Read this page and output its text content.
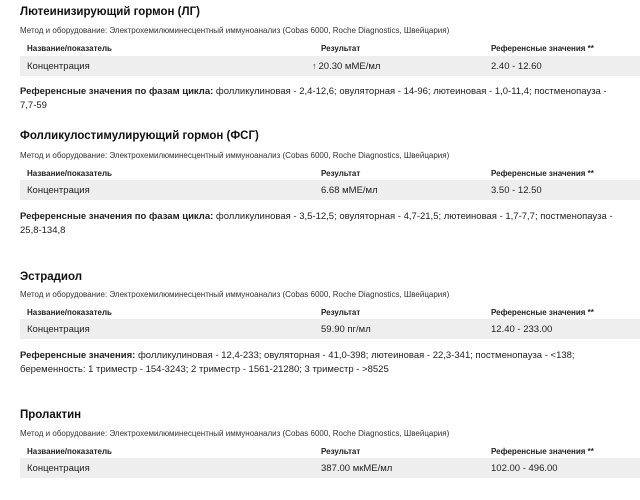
Лютеинизирующий гормон (ЛГ)
Метод и оборудование: Электрохемилюминесцентный иммуноанализ (Cobas 6000, Roche Diagnostics, Швейцария)
Название/показатель	Результат	Референсные значения **
Концентрация	↑ 20.30 мМЕ/мл	2.40 - 12.60
Референсные значения по фазам цикла: фолликулиновая - 2,4-12,6; овуляторная - 14-96; лютеиновая - 1,0-11,4; постменопауза -
7,7-59
Фолликулостимулирующий гормон (ФСГ)
Метод и оборудование: Электрохемилюминесцентный иммуноанализ (Cobas 6000, Roche Diagnostics, Швейцария)
Название/показатель	Результат	Референсные значения **
Концентрация	6.68 мМЕ/мл	3.50 - 12.50
Референсные значения по фазам цикла: фолликулиновая - 3,5-12,5; овуляторная - 4,7-21,5; лютеиновая - 1,7-7,7; постменопауза -
25,8-134,8
Эстрадиол
Метод и оборудование: Электрохемилюминесцентный иммуноанализ (Cobas 6000, Roche Diagnostics, Швейцария)
Название/показатель	Результат	Референсные значения **
Концентрация	59.90 пг/мл	12.40 - 233.00
Референсные значения: фолликулиновая - 12,4-233; овуляторная - 41,0-398; лютеиновая - 22,3-341; постменопауза - <138;
беременность: 1 триместр - 154-3243; 2 триместр - 1561-21280; 3 триместр - >8525
Пролактин
Метод и оборудование: Электрохемилюминесцентный иммуноанализ (Cobas 6000, Roche Diagnostics, Швейцария)
Название/показатель	Результат	Референсные значения **
Концентрация	387.00 мкМЕ/мл	102.00 - 496.00
